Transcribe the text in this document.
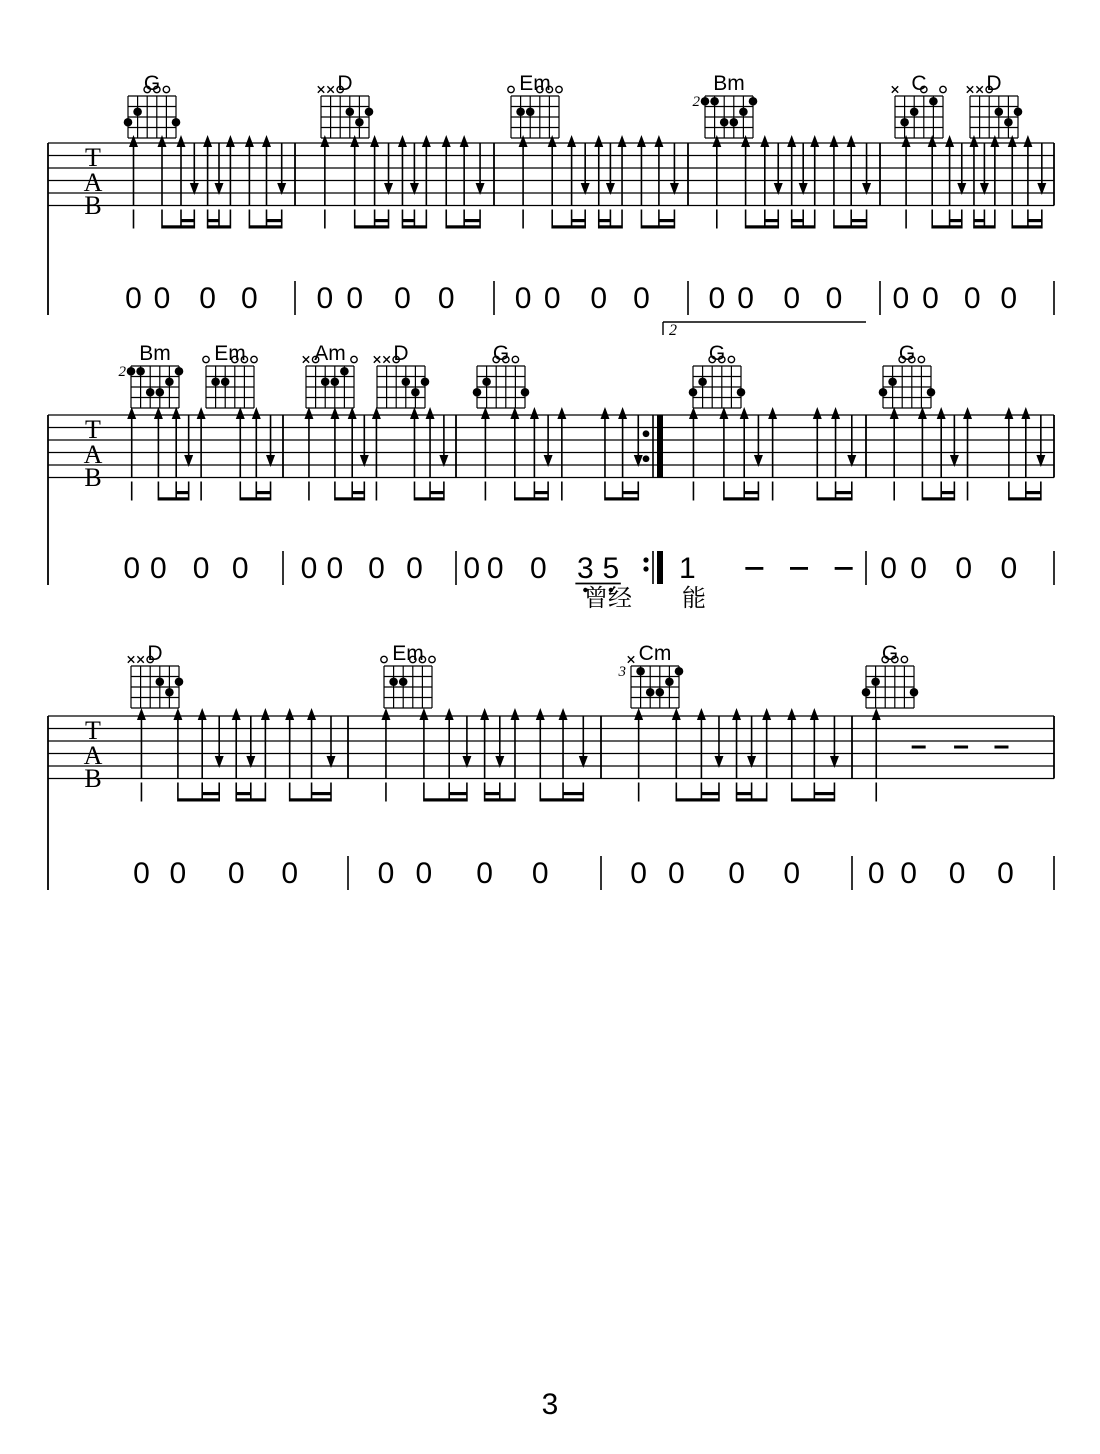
T
A
B
G
0 0 0 0
D
0 0 0 0
Em
0 0 0 0
Bm
2
0 0 0 0
C	D
0 0 0 0
2
T
A
B
Bm
2
Em
0 0 0 0
Am D
0 0 0 0
G
0 0 0 3 5
G
1
G
0 0 0 0
曾经 能
T
A
B
D
0 0 0 0
Em
0 0 0 0
Cm
3
0 0 0 0
G
0 0 0 0
3
